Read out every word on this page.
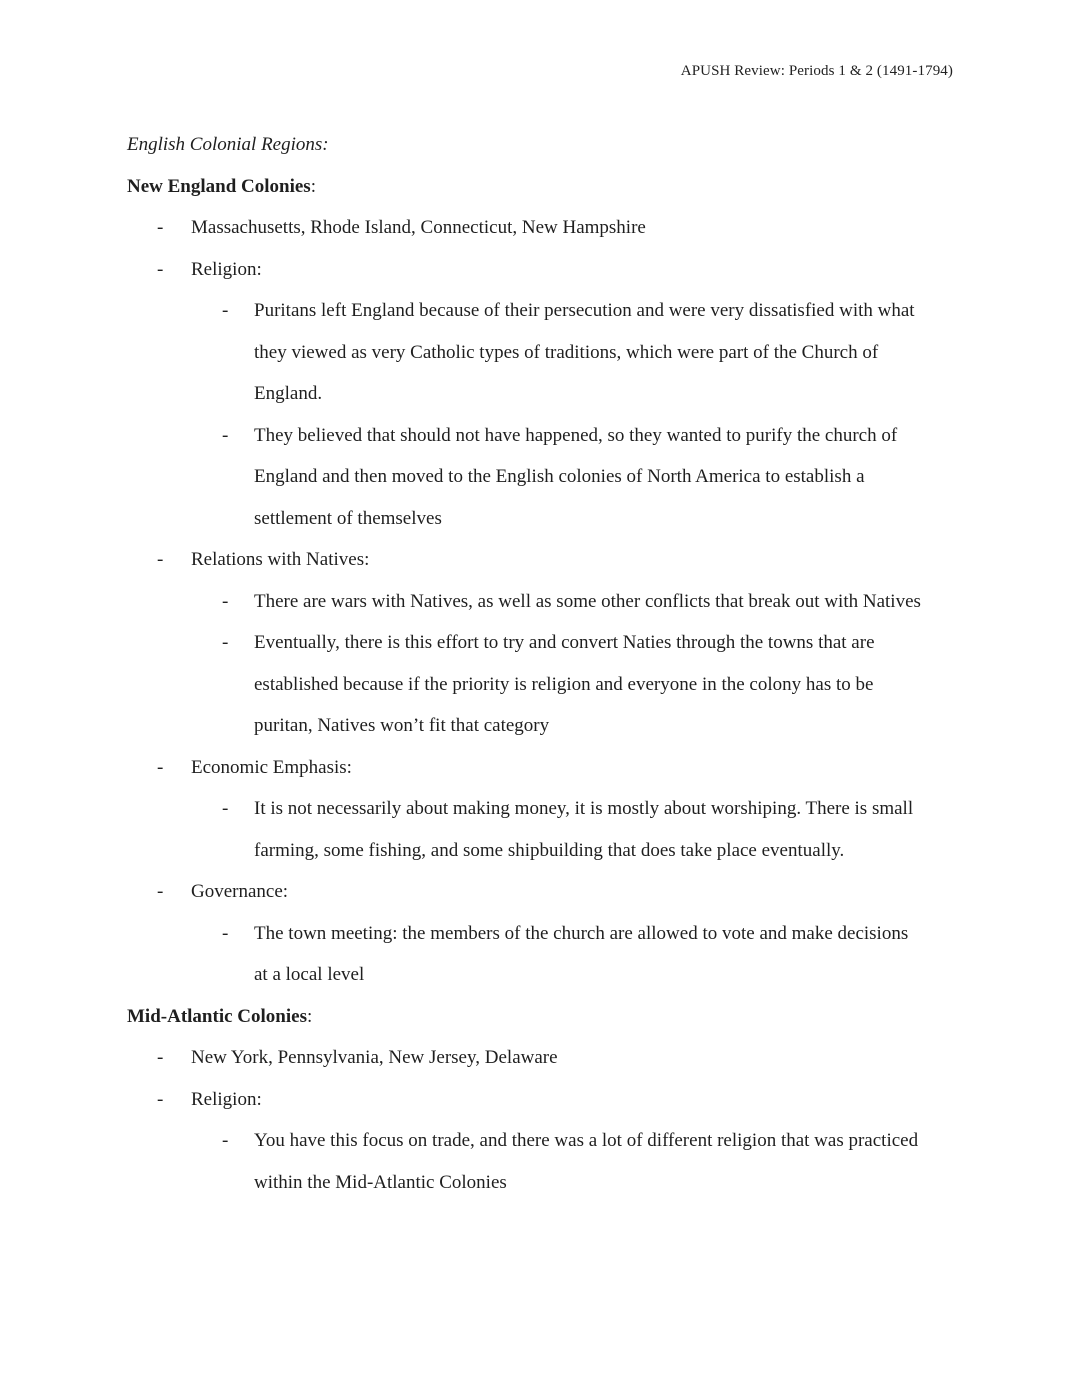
APUSH Review: Periods 1 & 2 (1491-1794)
English Colonial Regions:
New England Colonies:
- Massachusetts, Rhode Island, Connecticut, New Hampshire
- Religion:
- Puritans left England because of their persecution and were very dissatisfied with what
they viewed as very Catholic types of traditions, which were part of the Church of
England.
- They believed that should not have happened, so they wanted to purify the church of
England and then moved to the English colonies of North America to establish a
settlement of themselves
- Relations with Natives:
- There are wars with Natives, as well as some other conflicts that break out with Natives
- Eventually, there is this effort to try and convert Naties through the towns that are
established because if the priority is religion and everyone in the colony has to be
puritan, Natives won’t fit that category
- Economic Emphasis:
- It is not necessarily about making money, it is mostly about worshiping. There is small
farming, some fishing, and some shipbuilding that does take place eventually.
- Governance:
- The town meeting: the members of the church are allowed to vote and make decisions
at a local level
Mid-Atlantic Colonies:
- New York, Pennsylvania, New Jersey, Delaware
- Religion:
- You have this focus on trade, and there was a lot of different religion that was practiced
within the Mid-Atlantic Colonies
